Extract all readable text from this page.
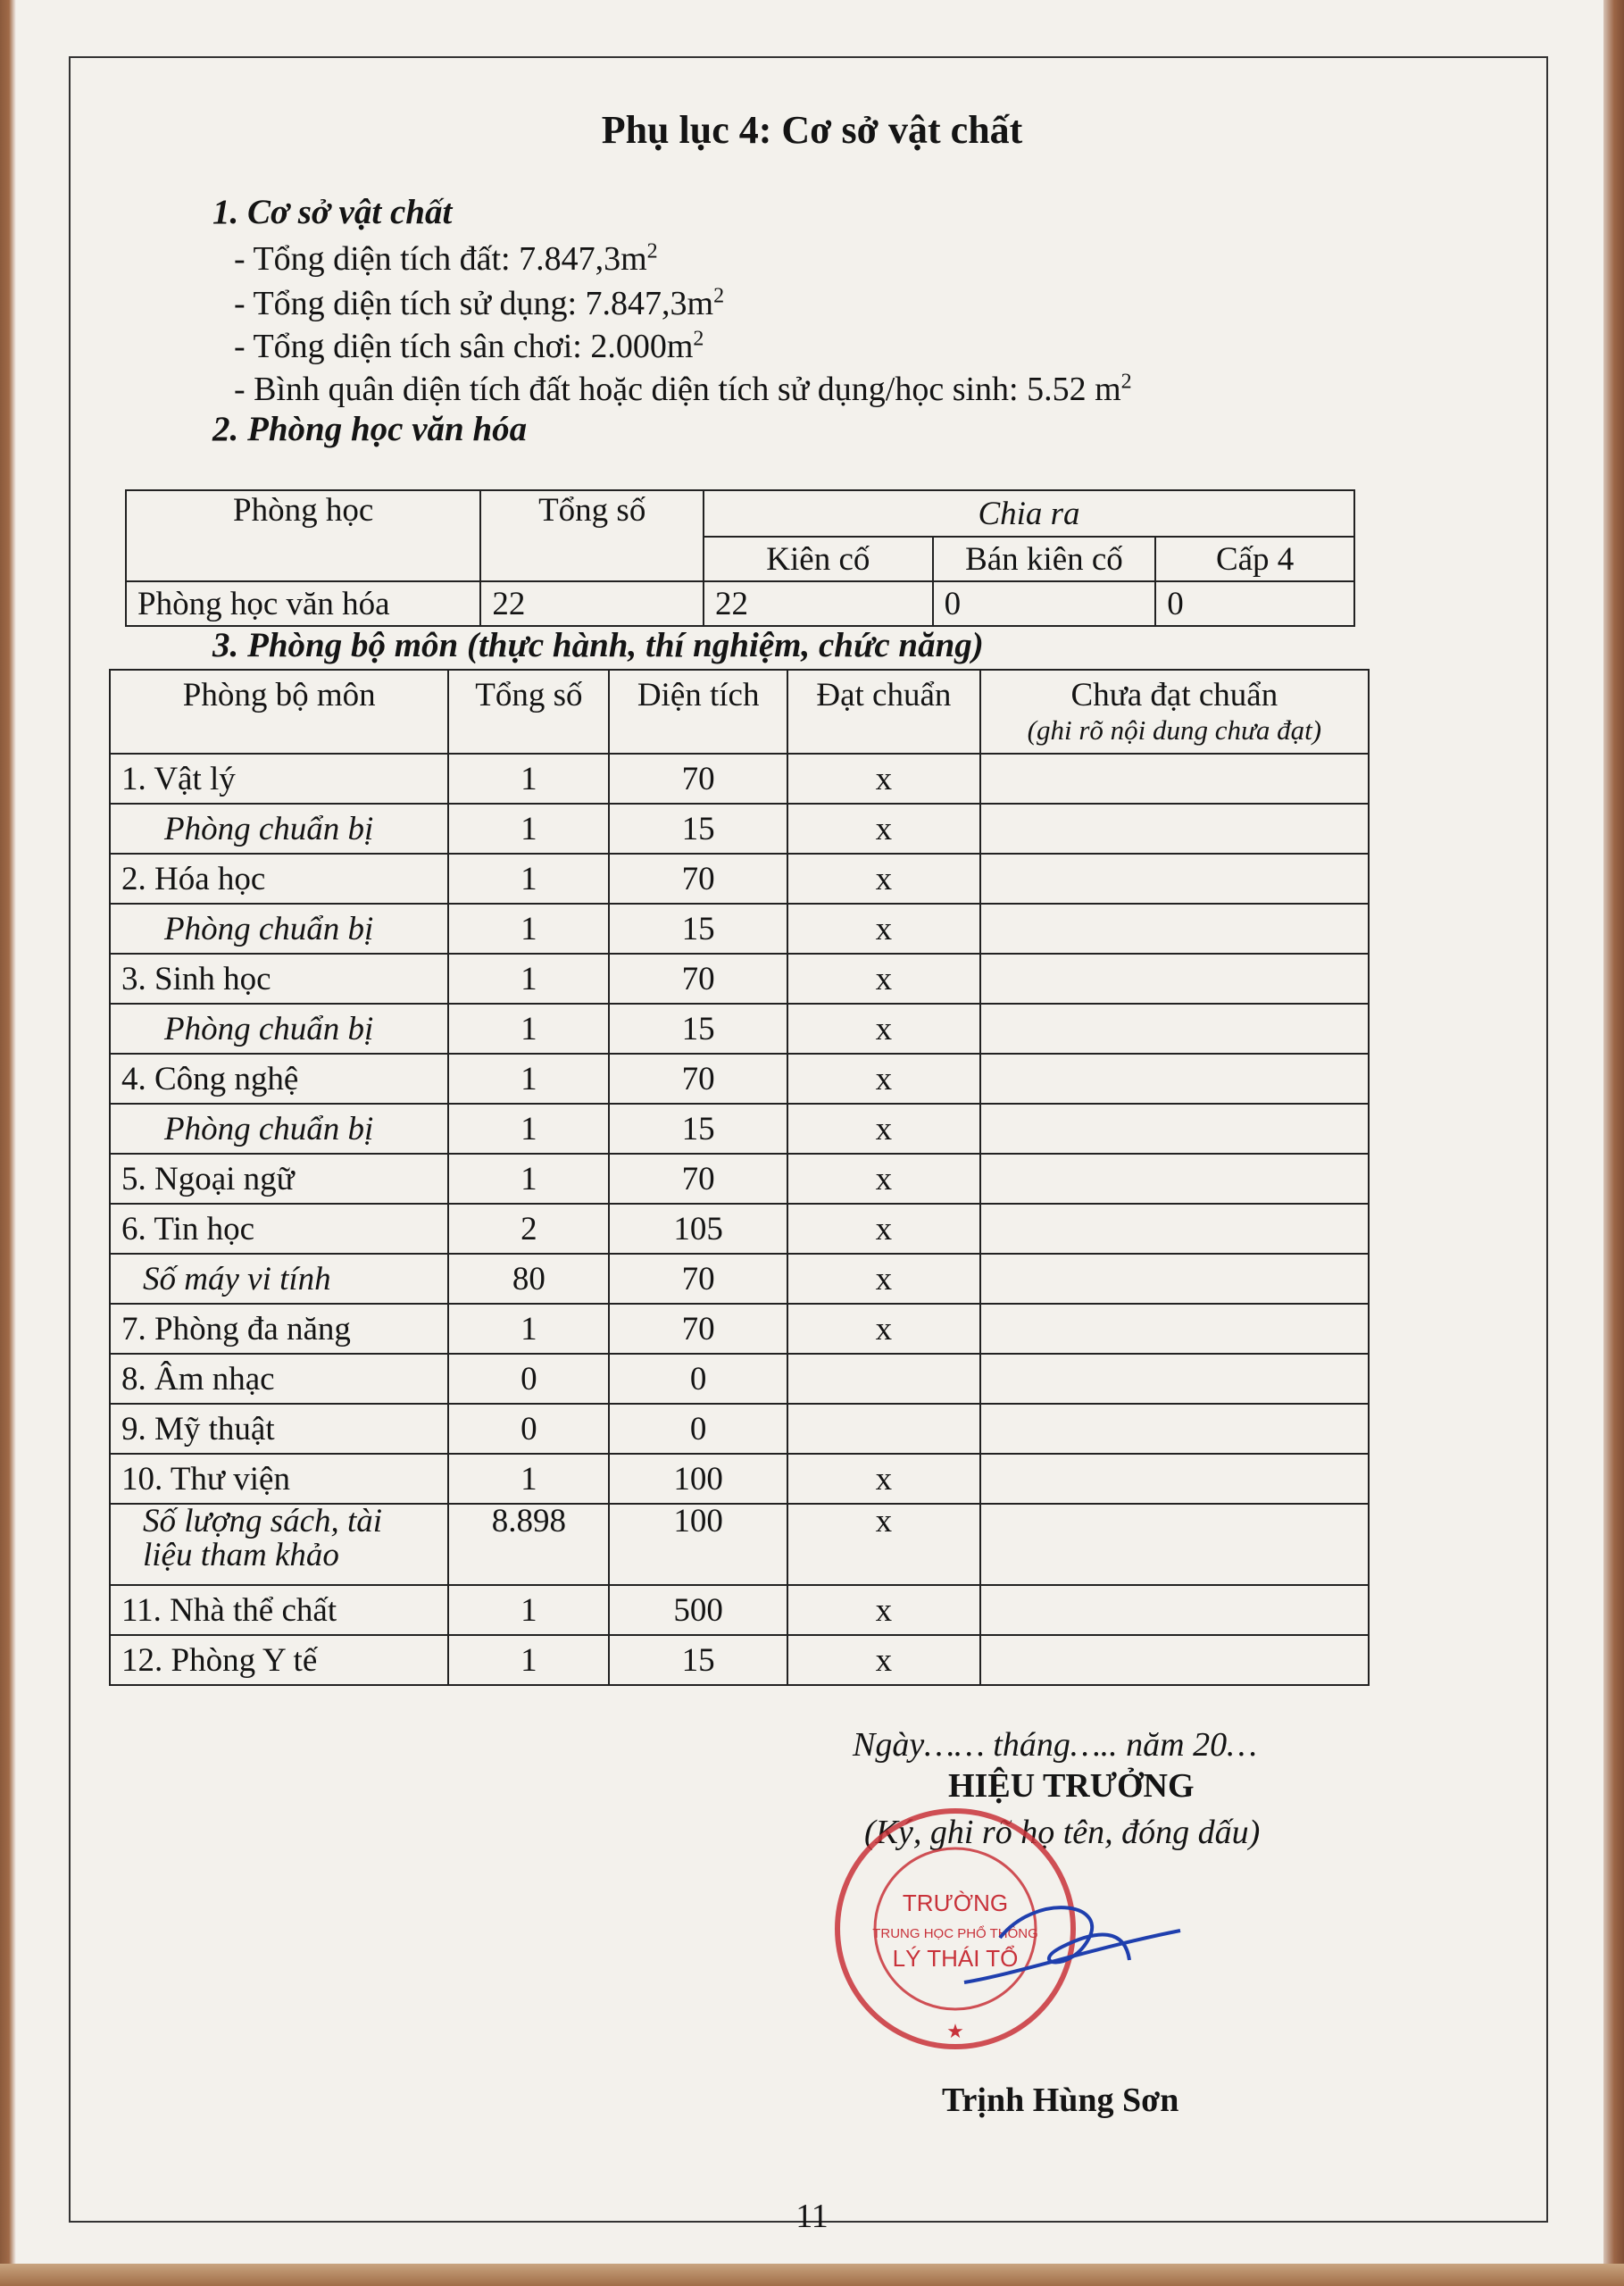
Phụ lục 4: Cơ sở vật chất
1. Cơ sở vật chất
- Tổng diện tích đất: $7.847,3m^2$
- Tổng diện tích sử dụng: $7.847,3m^2$
- Tổng diện tích sân chơi: $2.000m^2$
- Bình quân diện tích đất hoặc diện tích sử dụng/học sinh: 5.52 $m^2$
2. Phòng học văn hóa
Phòng học	Tổng số	Chia ra		
		Kiên cố	Bán kiên cố	Cấp 4
Phòng học văn hóa	22	22	0	0
3. Phòng bộ môn (thực hành, thí nghiệm, chức năng)
Phòng bộ môn	Tổng số	Diện tích	Đạt chuẩn	Chưa đạt chuẩn
(ghi rõ nội dung chưa đạt)

1. Vật lý	1	70	x	
Phòng chuẩn bị	1	15	x	
2. Hóa học	1	70	x	
Phòng chuẩn bị	1	15	x	
3. Sinh học	1	70	x	
Phòng chuẩn bị	1	15	x	
4. Công nghệ	1	70	x	
Phòng chuẩn bị	1	15	x	
5. Ngoại ngữ	1	70	x	
6. Tin học	2	105	x	
Số máy vi tính	80	70	x	
7. Phòng đa năng	1	70	x	
8. Âm nhạc	0	0		
9. Mỹ thuật	0	0		
10. Thư viện	1	100	x	
Số lượng sách, tài liệu tham khảo	8.898	100	x	
11. Nhà thể chất	1	500	x	
12. Phòng Y tế	1	15	x	
Ngày…… tháng….. năm 20…
HIỆU TRƯỞNG
(Ký, ghi rõ họ tên, đóng dấu)
TRƯỜNG
TRUNG HỌC PHỔ THÔNG
LÝ THÁI TỔ
★
Trịnh Hùng Sơn
11
